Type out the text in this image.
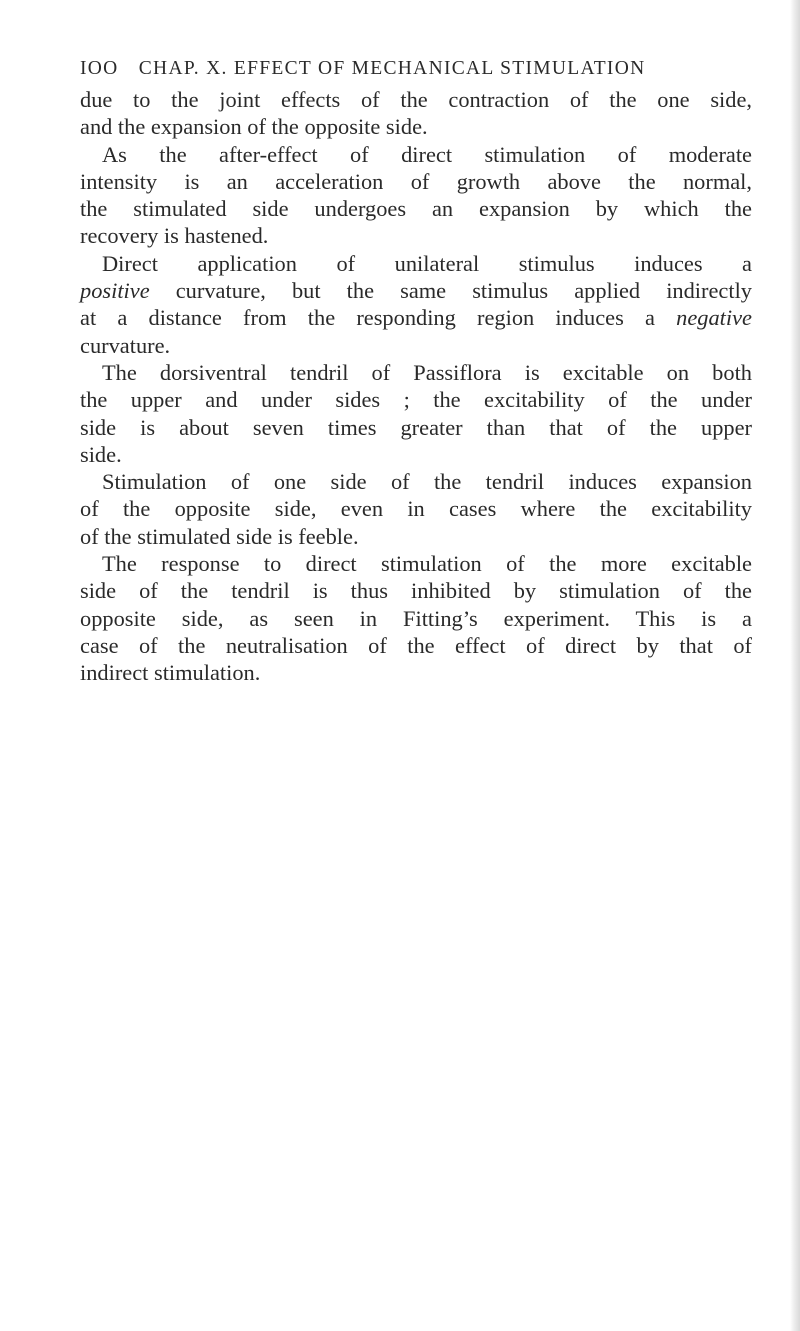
IOO CHAP. X. EFFECT OF MECHANICAL STIMULATION
due to the joint effects of the contraction of the one side,
and the expansion of the opposite side.
As the after-effect of direct stimulation of moderate
intensity is an acceleration of growth above the normal,
the stimulated side undergoes an expansion by which the
recovery is hastened.
Direct application of unilateral stimulus induces a
positive curvature, but the same stimulus applied indirectly
at a distance from the responding region induces a negative
curvature.
The dorsiventral tendril of Passiflora is excitable on both
the upper and under sides ; the excitability of the under
side is about seven times greater than that of the upper
side.
Stimulation of one side of the tendril induces expansion
of the opposite side, even in cases where the excitability
of the stimulated side is feeble.
The response to direct stimulation of the more excitable
side of the tendril is thus inhibited by stimulation of the
opposite side, as seen in Fitting’s experiment. This is a
case of the neutralisation of the effect of direct by that of
indirect stimulation.
